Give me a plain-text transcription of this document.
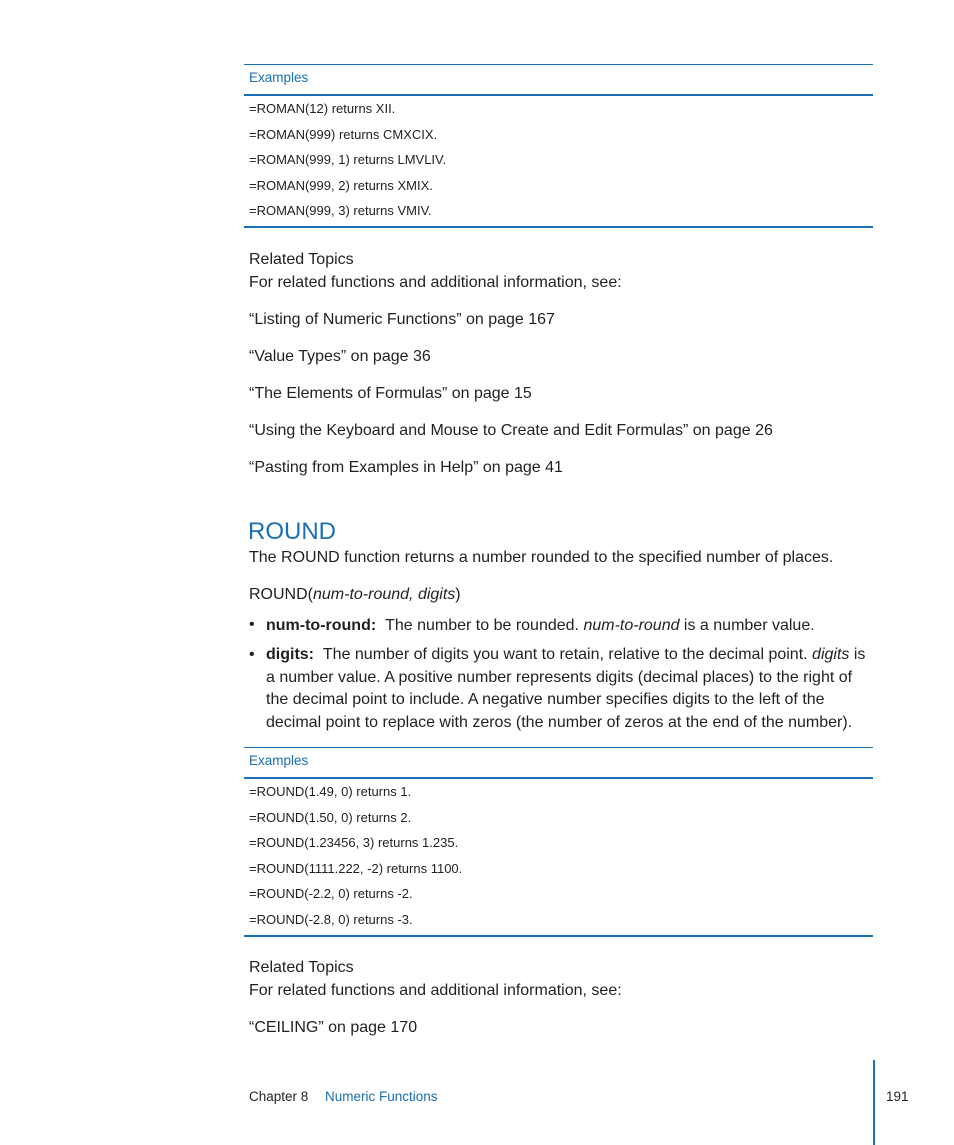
Examples
=ROMAN(12) returns XII.
=ROMAN(999) returns CMXCIX.
=ROMAN(999, 1) returns LMVLIV.
=ROMAN(999, 2) returns XMIX.
=ROMAN(999, 3) returns VMIV.
Related Topics
For related functions and additional information, see:
“Listing of Numeric Functions” on page 167
“Value Types” on page 36
“The Elements of Formulas” on page 15
“Using the Keyboard and Mouse to Create and Edit Formulas” on page 26
“Pasting from Examples in Help” on page 41
ROUND
The ROUND function returns a number rounded to the specified number of places.
ROUND(num-to-round, digits)
• num-to-round: The number to be rounded. num-to-round is a number value.
• digits: The number of digits you want to retain, relative to the decimal point. digits is a number value. A positive number represents digits (decimal places) to the right of the decimal point to include. A negative number specifies digits to the left of the decimal point to replace with zeros (the number of zeros at the end of the number).
Examples
=ROUND(1.49, 0) returns 1.
=ROUND(1.50, 0) returns 2.
=ROUND(1.23456, 3) returns 1.235.
=ROUND(1111.222, -2) returns 1100.
=ROUND(-2.2, 0) returns -2.
=ROUND(-2.8, 0) returns -3.
Related Topics
For related functions and additional information, see:
“CEILING” on page 170
Chapter 8 Numeric Functions	191
